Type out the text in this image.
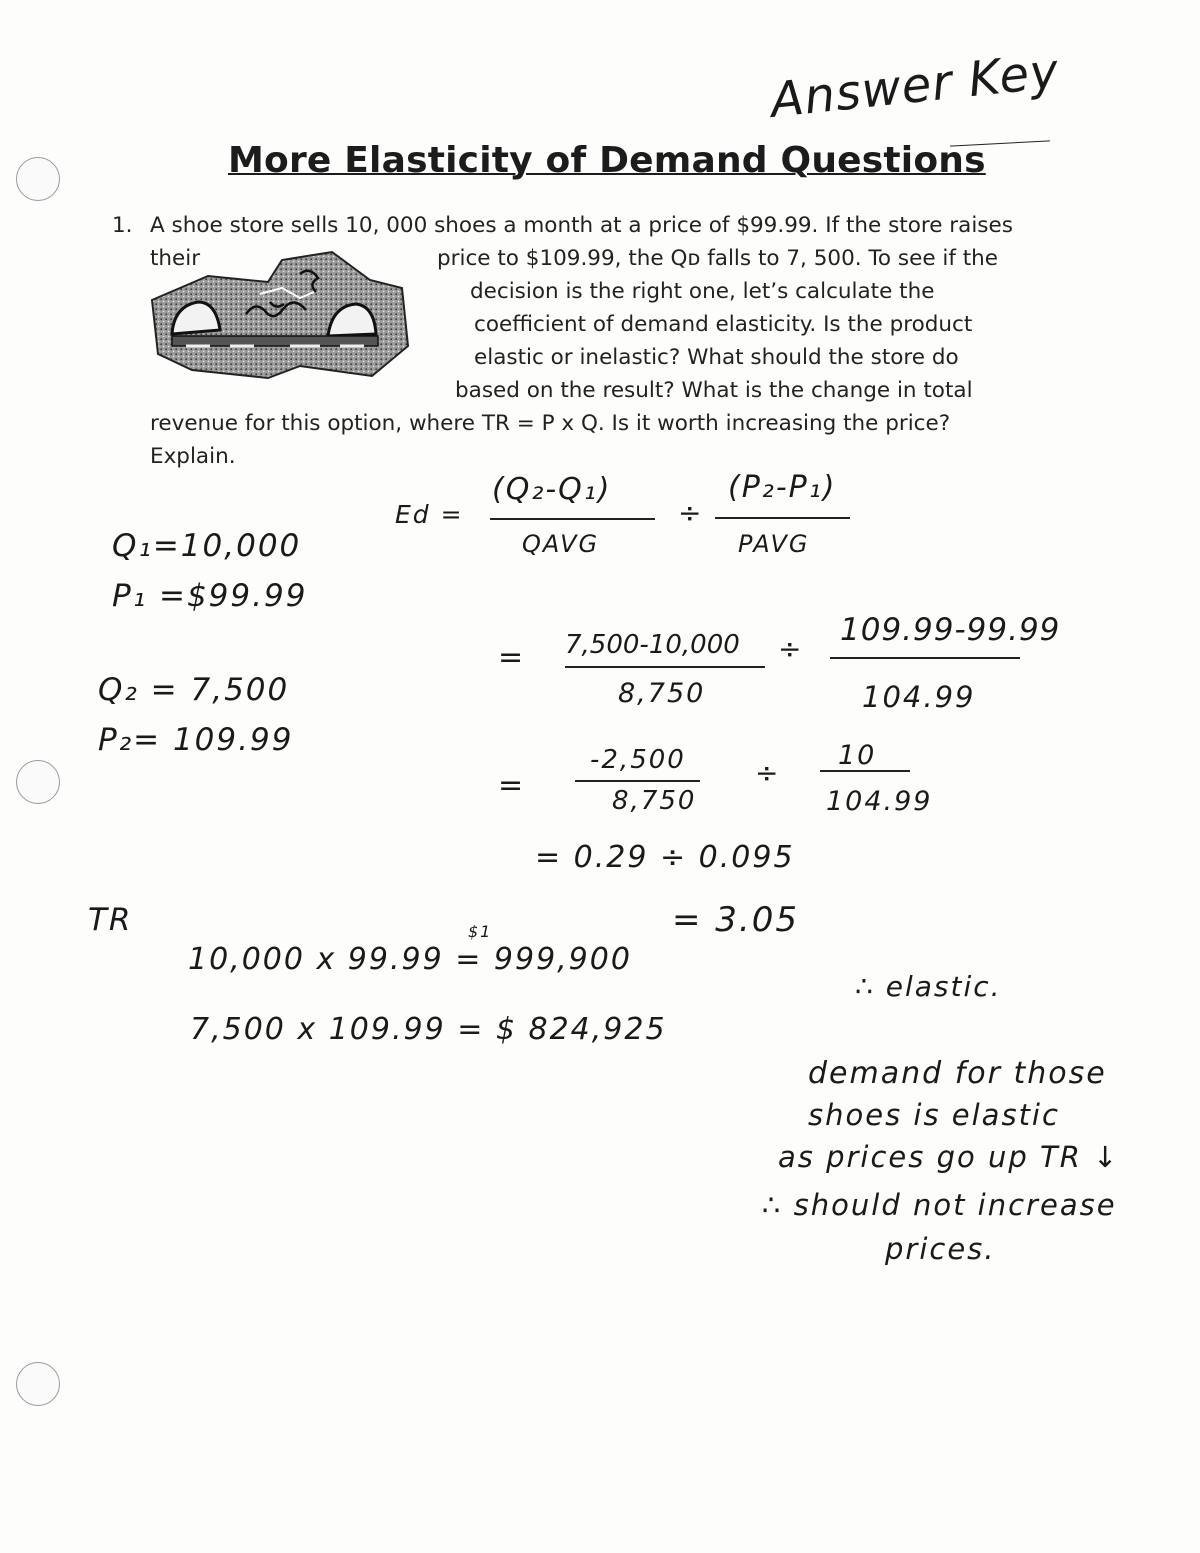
Answer Key
More Elasticity of Demand Questions
1. A shoe store sells 10, 000 shoes a month at a price of $99.99. If the store raises
their	price to $109.99, the Qᴅ falls to 7, 500. To see if the
decision is the right one, let’s calculate the
coefficient of demand elasticity. Is the product
elastic or inelastic? What should the store do
based on the result? What is the change in total
revenue for this option, where TR = P x Q. Is it worth increasing the price?
Explain.
Q₁=10,000
P₁ =$99.99
Q₂ = 7,500
P₂= 109.99
Ed =
(Q₂-Q₁)
QAVG
÷
(P₂-P₁)
PAVG
= 7,500-10,000
8,750
÷
109.99-99.99
104.99
=
-2,500
8,750
÷
10
104.99
= 0.29 ÷ 0.095
= 3.05
∴ elastic.
TR	$1
10,000 x 99.99 = 999,900
7,500 x 109.99 = $ 824,925
demand for those
shoes is elastic
as prices go up TR ↓
∴ should not increase
prices.
